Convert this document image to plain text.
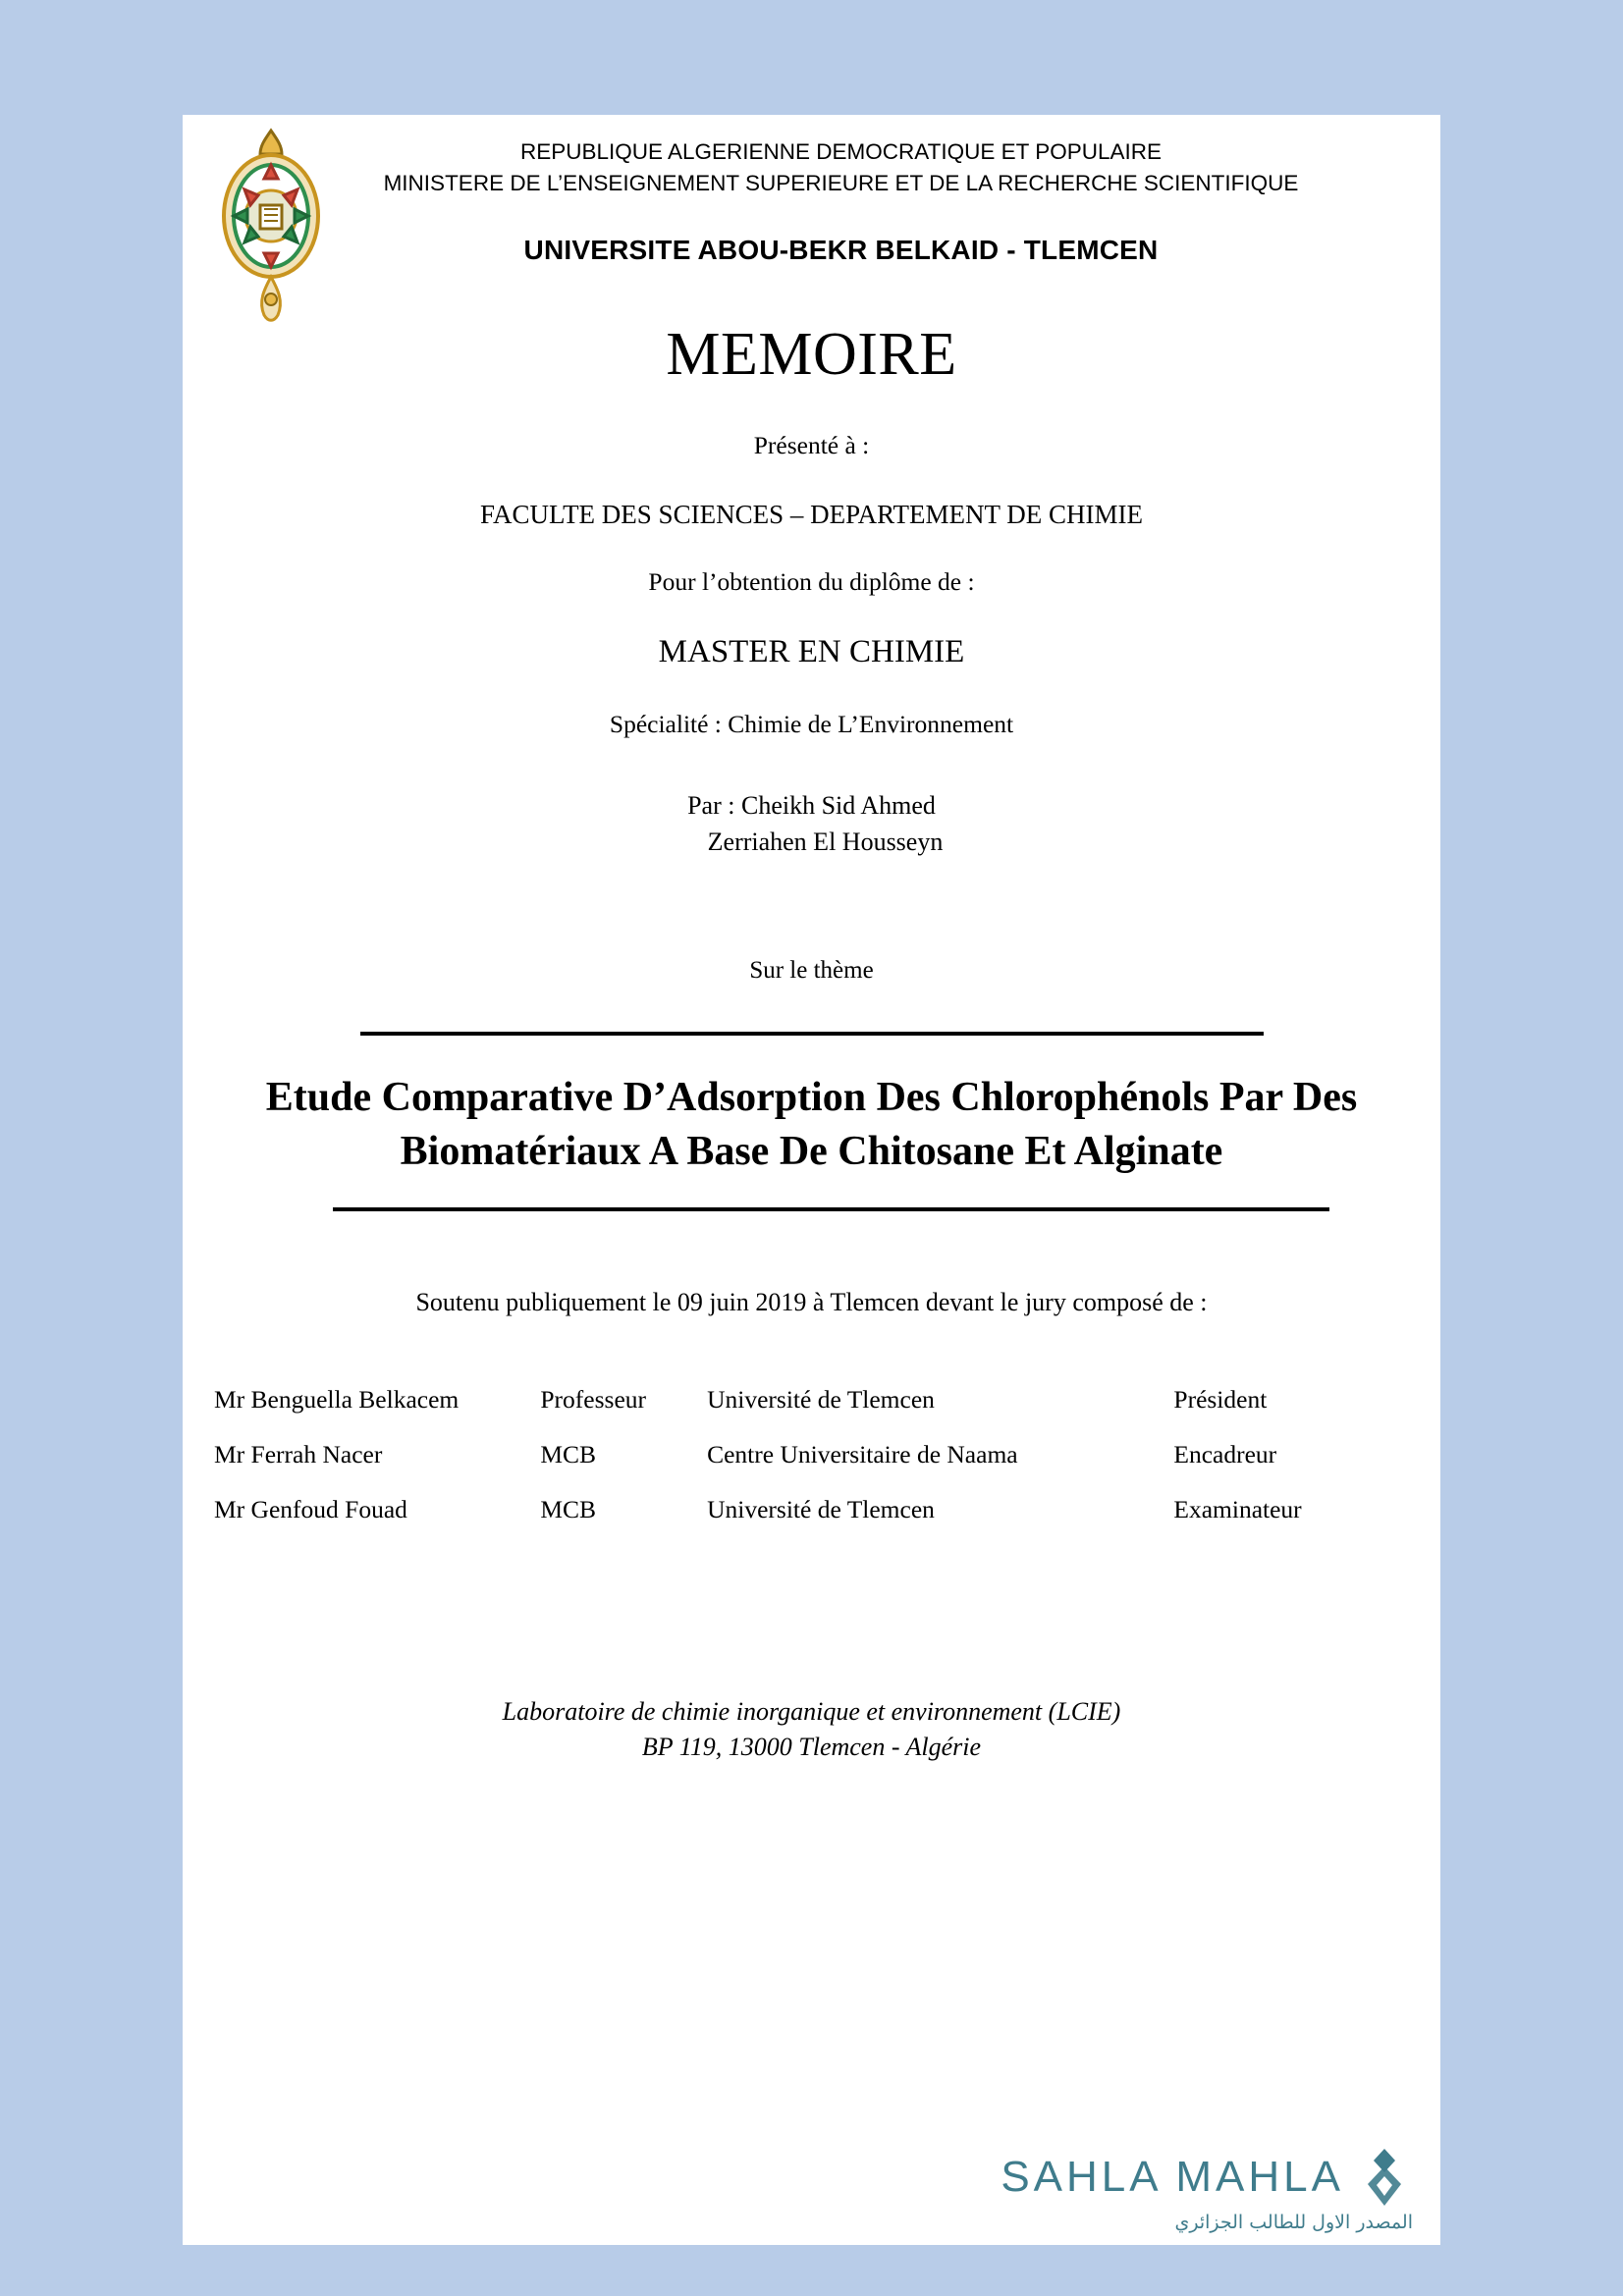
REPUBLIQUE ALGERIENNE DEMOCRATIQUE ET POPULAIRE
MINISTERE DE L’ENSEIGNEMENT SUPERIEURE ET DE LA RECHERCHE SCIENTIFIQUE
UNIVERSITE ABOU-BEKR BELKAID - TLEMCEN
MEMOIRE
Présenté à :
FACULTE DES SCIENCES – DEPARTEMENT DE CHIMIE
Pour l’obtention du diplôme de :
MASTER EN CHIMIE
Spécialité : Chimie de L’Environnement
Par : Cheikh Sid Ahmed
Zerriahen El Housseyn
Sur le thème
Etude Comparative D’Adsorption Des Chlorophénols Par Des Biomatériaux A Base De Chitosane Et Alginate
Soutenu publiquement le 09 juin 2019 à Tlemcen devant le jury composé de :
Mr Benguella Belkacem	Professeur	Université de Tlemcen	Président
Mr Ferrah Nacer	MCB	Centre Universitaire de Naama	Encadreur
Mr Genfoud Fouad	MCB	Université de Tlemcen	Examinateur
Laboratoire de chimie inorganique et environnement (LCIE)
BP 119, 13000 Tlemcen - Algérie
SAHLA MAHLA
المصدر الاول للطالب الجزائري
